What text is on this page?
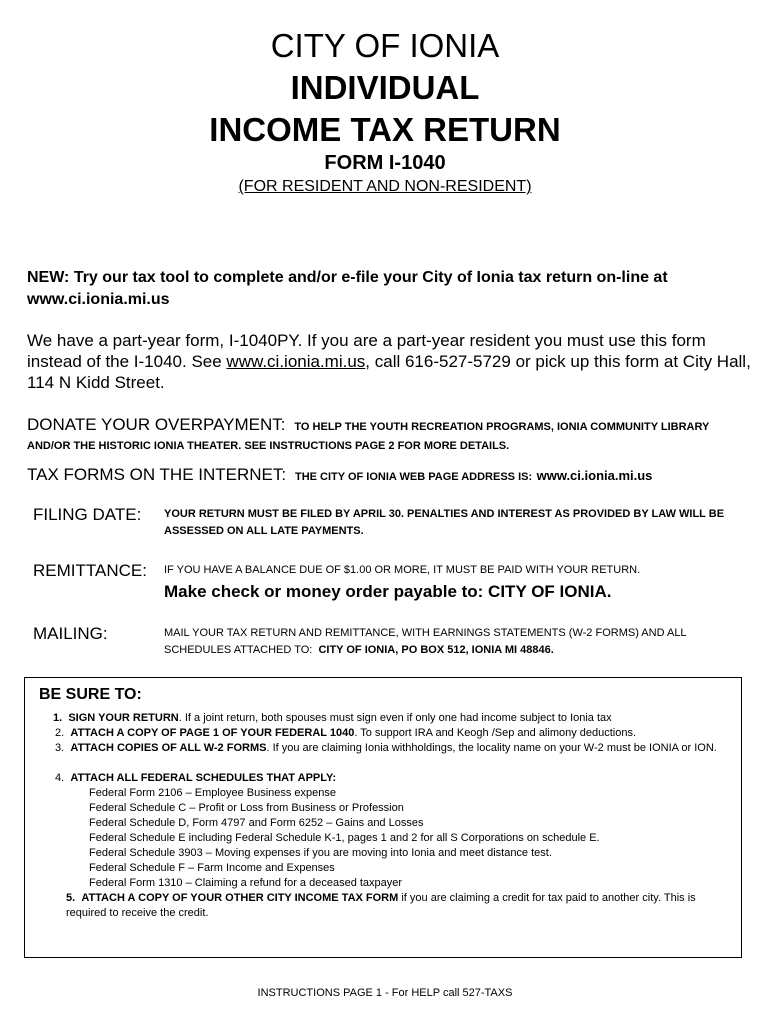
CITY OF IONIA
INDIVIDUAL
INCOME TAX RETURN
FORM I-1040
(FOR RESIDENT AND NON-RESIDENT)

NEW: Try our tax tool to complete and/or e-file your City of Ionia tax return on-line at www.ci.ionia.mi.us

We have a part-year form, I-1040PY. If you are a part-year resident you must use this form instead of the I-1040. See www.ci.ionia.mi.us, call 616-527-5729 or pick up this form at City Hall, 114 N Kidd Street.

DONATE YOUR OVERPAYMENT: TO HELP THE YOUTH RECREATION PROGRAMS, IONIA COMMUNITY LIBRARY AND/OR THE HISTORIC IONIA THEATER. SEE INSTRUCTIONS PAGE 2 FOR MORE DETAILS.

TAX FORMS ON THE INTERNET: THE CITY OF IONIA WEB PAGE ADDRESS IS: www.ci.ionia.mi.us

FILING DATE: YOUR RETURN MUST BE FILED BY APRIL 30. PENALTIES AND INTEREST AS PROVIDED BY LAW WILL BE ASSESSED ON ALL LATE PAYMENTS.
REMITTANCE: IF YOU HAVE A BALANCE DUE OF $1.00 OR MORE, IT MUST BE PAID WITH YOUR RETURN.
Make check or money order payable to: CITY OF IONIA.
MAILING:	MAIL YOUR TAX RETURN AND REMITTANCE, WITH EARNINGS STATEMENTS (W-2 FORMS) AND ALL SCHEDULES ATTACHED TO: CITY OF IONIA, PO BOX 512, IONIA MI 48846.

BE SURE TO:

1. SIGN YOUR RETURN. If a joint return, both spouses must sign even if only one had income subject to Ionia tax
2. ATTACH A COPY OF PAGE 1 OF YOUR FEDERAL 1040. To support IRA and Keogh /Sep and alimony deductions.
3. ATTACH COPIES OF ALL W-2 FORMS. If you are claiming Ionia withholdings, the locality name on your W-2 must be IONIA or ION.
4. ATTACH ALL FEDERAL SCHEDULES THAT APPLY:
Federal Form 2106 – Employee Business expense
Federal Schedule C – Profit or Loss from Business or Profession
Federal Schedule D, Form 4797 and Form 6252 – Gains and Losses
Federal Schedule E including Federal Schedule K-1, pages 1 and 2 for all S Corporations on schedule E.
Federal Schedule 3903 – Moving expenses if you are moving into Ionia and meet distance test.
Federal Schedule F – Farm Income and Expenses
Federal Form 1310 – Claiming a refund for a deceased taxpayer
5. ATTACH A COPY OF YOUR OTHER CITY INCOME TAX FORM if you are claiming a credit for tax paid to another city. This is required to receive the credit.
INSTRUCTIONS PAGE 1 - For HELP call 527-TAXS
